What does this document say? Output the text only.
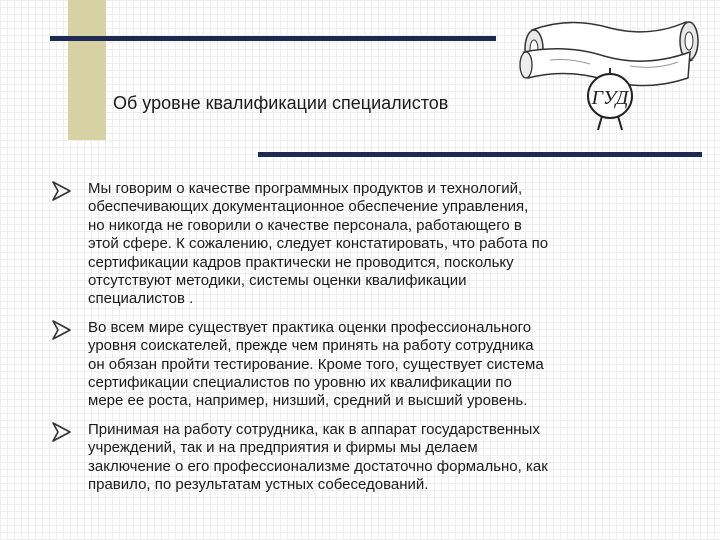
Об уровне квалификации специалистов	ГУД

Мы говорим о качестве программных продуктов и технологий,
обеспечивающих документационное обеспечение управления,
но никогда не говорили о качестве персонала, работающего в
этой сфере. К сожалению, следует констатировать, что работа по
сертификации кадров практически не проводится, поскольку
отсутствуют методики, системы оценки квалификации
специалистов .

Во всем мире существует практика оценки профессионального
уровня соискателей, прежде чем принять на работу сотрудника
он обязан пройти тестирование. Кроме того, существует система
сертификации специалистов по уровню их квалификации по
мере ее роста, например, низший, средний и высший уровень.

Принимая на работу сотрудника, как в аппарат государственных
учреждений, так и на предприятия и фирмы мы делаем
заключение о его профессионализме достаточно формально, как
правило, по результатам устных собеседований.
